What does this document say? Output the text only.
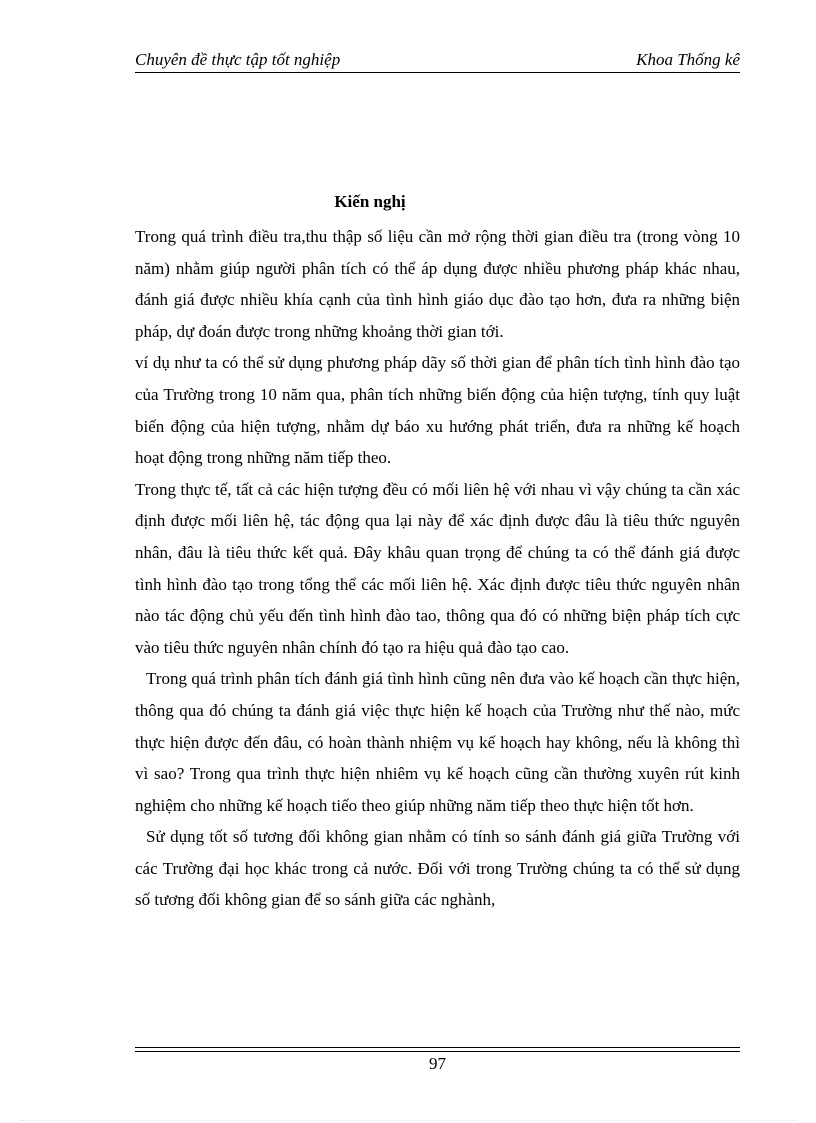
Chuyên đề thực tập tốt nghiệp	Khoa Thống kê
Kiến nghị

Trong quá trình điều tra,thu thập số liệu cần mở rộng thời gian điều tra (trong vòng 10 năm) nhằm giúp người phân tích có thể áp dụng được nhiều phương pháp khác nhau, đánh giá được nhiều khía cạnh của tình hình giáo dục đào tạo hơn, đưa ra những biện pháp, dự đoán được trong những khoảng thời gian tới.

ví dụ như ta có thể sử dụng phương pháp dãy số thời gian để phân tích tình hình đào tạo của Trường trong 10 năm qua, phân tích những biến động của hiện tượng, tính quy luật biến động của hiện tượng, nhằm dự báo xu hướng phát triển, đưa ra những kế hoạch hoạt động trong những năm tiếp theo.

Trong thực tế, tất cả các hiện tượng đều có mối liên hệ với nhau vì vậy chúng ta cần xác định được mối liên hệ, tác động qua lại này để xác định được đâu là tiêu thức nguyên nhân, đâu là tiêu thức kết quả. Đây khâu quan trọng để chúng ta có thể đánh giá được tình hình đào tạo trong tổng thể các mối liên hệ. Xác định được tiêu thức nguyên nhân nào tác động chủ yếu đến tình hình đào tao, thông qua đó có những biện pháp tích cực vào tiêu thức nguyên nhân chính đó tạo ra hiệu quả đào tạo cao.

Trong quá trình phân tích đánh giá tình hình cũng nên đưa vào kế hoạch cần thực hiện, thông qua đó chúng ta đánh giá việc thực hiện kế hoạch của Trường như thế nào, mức thực hiện được đến đâu, có hoàn thành nhiệm vụ kế hoạch hay không, nếu là không thì vì sao? Trong qua trình thực hiện nhiêm vụ kế hoạch cũng cần thường xuyên rút kinh nghiệm cho những kế hoạch tiếo theo giúp những năm tiếp theo thực hiện tốt hơn.

Sử dụng tốt số tương đối không gian nhằm có tính so sánh đánh giá giữa Trường với các Trường đại học khác trong cả nước. Đối với trong Trường chúng ta có thể sử dụng số tương đối không gian để so sánh giữa các nghành,

97
